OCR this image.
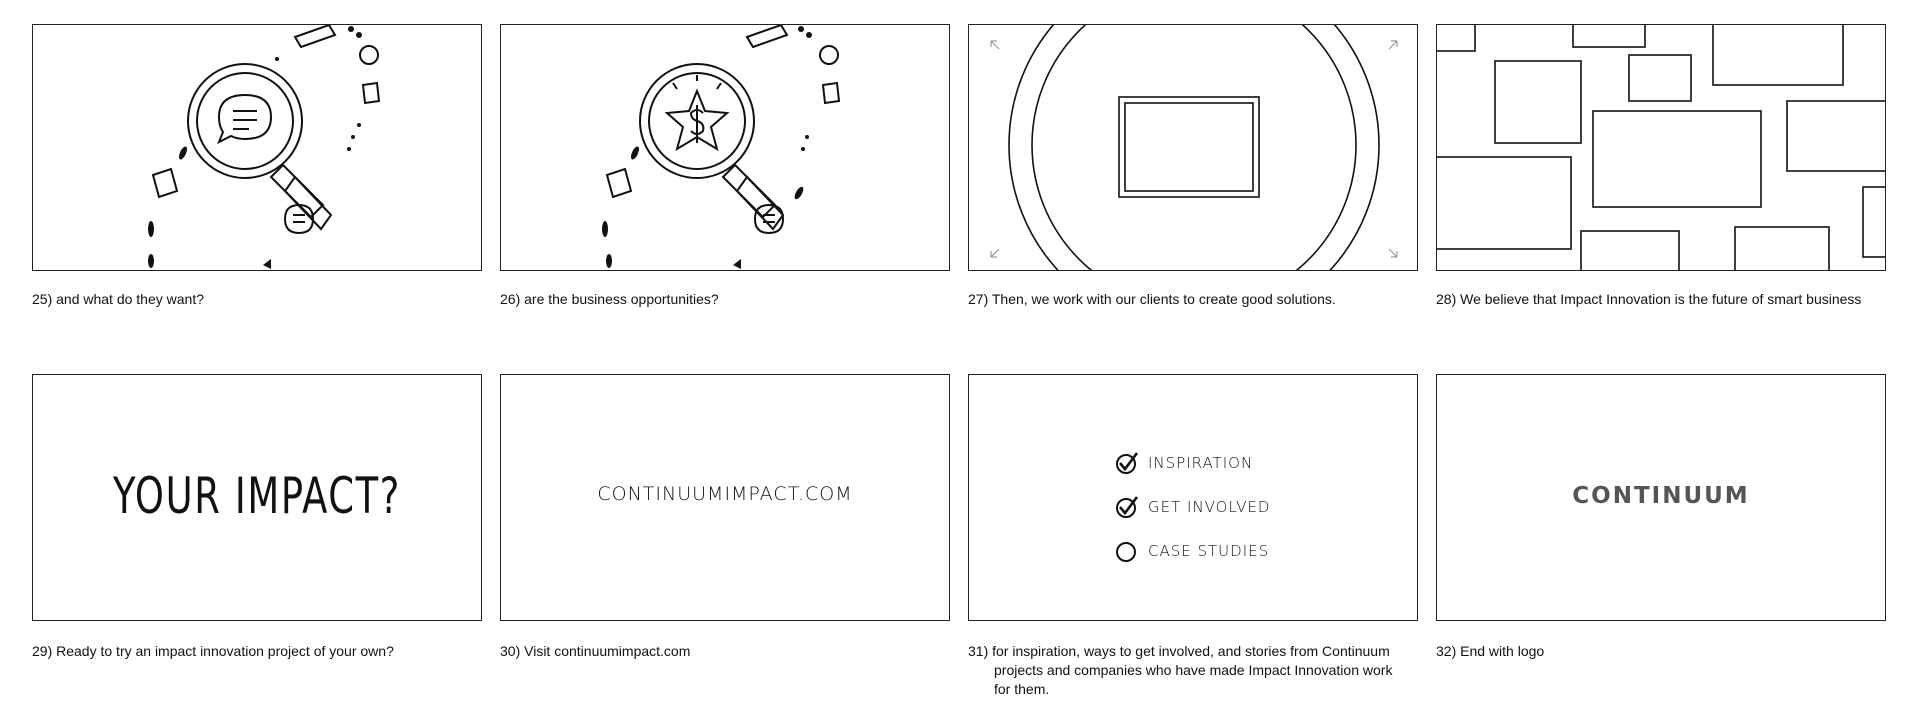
25) and what do they want?	26) are the business opportunities?	27) Then, we work with our clients to create good solutions.	28) We believe that Impact Innovation is the future of smart business
YOUR IMPACT?
29) Ready to try an impact innovation project of your own?
CONTINUUMIMPACT.COM
30) Visit continuumimpact.com
INSPIRATION
GET INVOLVED
CASE STUDIES
31) for inspiration, ways to get involved, and stories from Continuum projects and companies who have made Impact Innovation work for them.
CONTINUUM
32) End with logo
